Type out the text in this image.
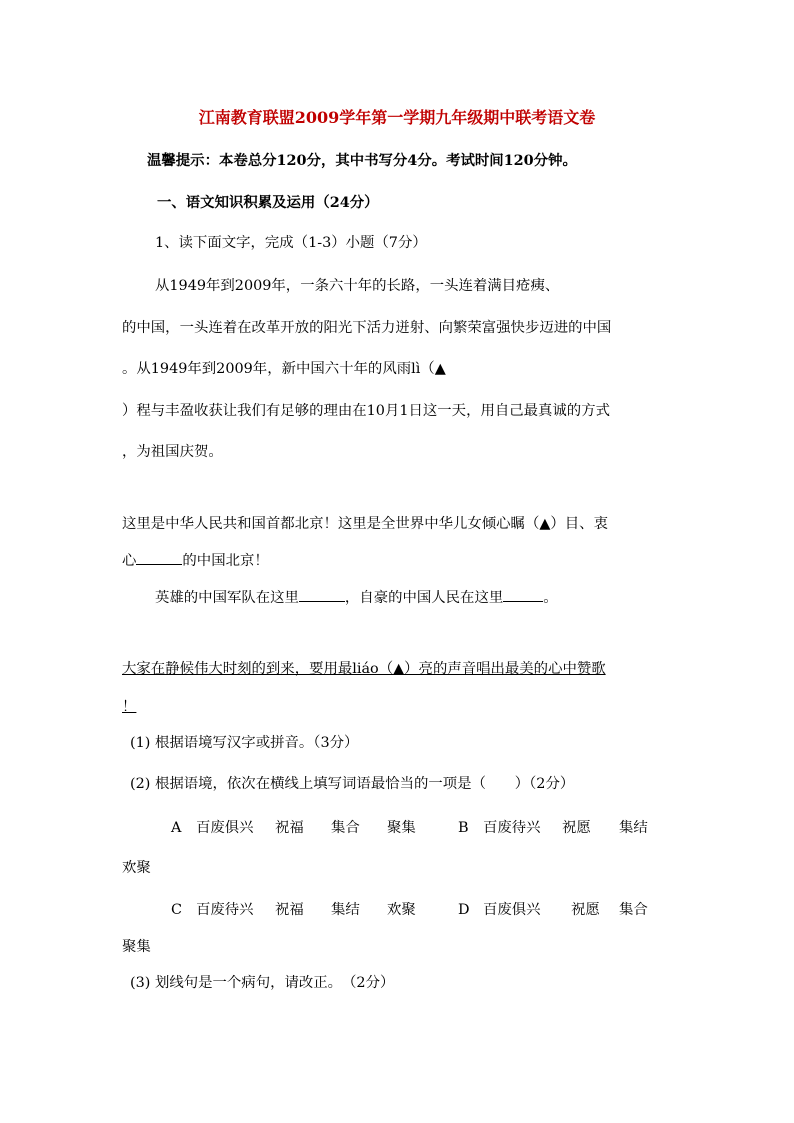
江南教育联盟2009学年第一学期九年级期中联考语文卷
温馨提示：本卷总分120分，其中书写分4分。考试时间120分钟。
一、语文知识积累及运用（24分）
1、读下面文字，完成（1-3）小题（7分）
从1949年到2009年，一条六十年的长路，一头连着满目疮痍、
的中国，一头连着在改革开放的阳光下活力迸射、向繁荣富强快步迈进的中国
。从1949年到2009年，新中国六十年的风雨lì（▲
）程与丰盈收获让我们有足够的理由在10月1日这一天，用自己最真诚的方式
，为祖国庆贺。
这里是中华人民共和国首都北京！这里是全世界中华儿女倾心瞩（▲）目、衷
心	的中国北京！
英雄的中国军队在这里	，自豪的中国人民在这里	。
大家在静候伟大时刻的到来，要用最liáo（▲）亮的声音唱出最美的心中赞歌
！
(1) 根据语境写汉字或拼音。（3分）
(2) 根据语境，依次在横线上填写词语最恰当的一项是（　　）（2分）
A 百废俱兴 祝福 集合 聚集	B 百废待兴 祝愿 集结
欢聚
C 百废待兴 祝福 集结 欢聚	D 百废俱兴 祝愿 集合
聚集
(3) 划线句是一个病句，请改正。　（2分）
